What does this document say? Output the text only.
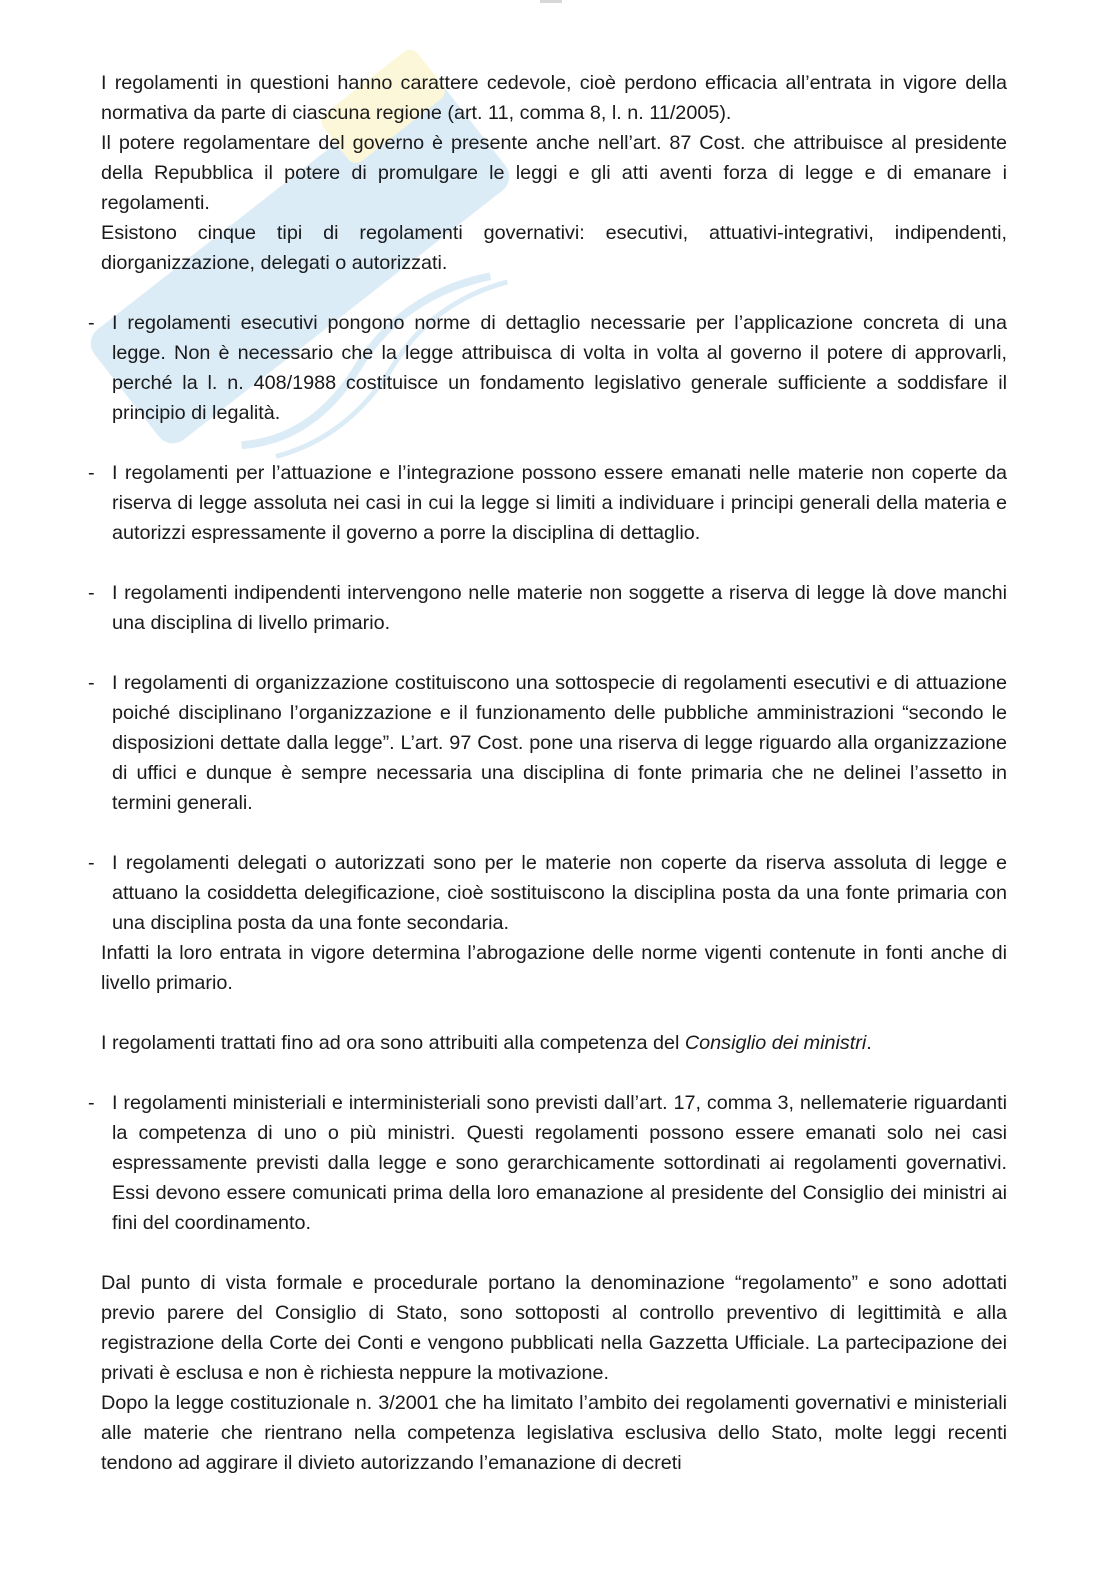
I regolamenti in questioni hanno carattere cedevole, cioè perdono efficacia all’entrata in vigore della normativa da parte di ciascuna regione (art. 11, comma 8, l. n. 11/2005).

Il potere regolamentare del governo è presente anche nell’art. 87 Cost. che attribuisce al presidente della Repubblica il potere di promulgare le leggi e gli atti aventi forza di legge e di emanare i regolamenti.

Esistono cinque tipi di regolamenti governativi: esecutivi, attuativi-integrativi, indipendenti, diorganizzazione, delegati o autorizzati.

- I regolamenti esecutivi pongono norme di dettaglio necessarie per l’applicazione concreta di una legge. Non è necessario che la legge attribuisca di volta in volta al governo il potere di approvarli, perché la l. n. 408/1988 costituisce un fondamento legislativo generale sufficiente a soddisfare il principio di legalità.
- I regolamenti per l’attuazione e l’integrazione possono essere emanati nelle materie non coperte da riserva di legge assoluta nei casi in cui la legge si limiti a individuare i principi generali della materia e autorizzi espressamente il governo a porre la disciplina di dettaglio.
- I regolamenti indipendenti intervengono nelle materie non soggette a riserva di legge là dove manchi una disciplina di livello primario.
- I regolamenti di organizzazione costituiscono una sottospecie di regolamenti esecutivi e di attuazione poiché disciplinano l’organizzazione e il funzionamento delle pubbliche amministrazioni “secondo le disposizioni dettate dalla legge”. L’art. 97 Cost. pone una riserva di legge riguardo alla organizzazione di uffici e dunque è sempre necessaria una disciplina di fonte primaria che ne delinei l’assetto in termini generali.
- I regolamenti delegati o autorizzati sono per le materie non coperte da riserva assoluta di legge e attuano la cosiddetta delegificazione, cioè sostituiscono la disciplina posta da una fonte primaria con una disciplina posta da una fonte secondaria.

Infatti la loro entrata in vigore determina l’abrogazione delle norme vigenti contenute in fonti anche di livello primario.

I regolamenti trattati fino ad ora sono attribuiti alla competenza del Consiglio dei ministri.

- I regolamenti ministeriali e interministeriali sono previsti dall’art. 17, comma 3, nellematerie riguardanti la competenza di uno o più ministri. Questi regolamenti possono essere emanati solo nei casi espressamente previsti dalla legge e sono gerarchicamente sottordinati ai regolamenti governativi. Essi devono essere comunicati prima della loro emanazione al presidente del Consiglio dei ministri ai fini del coordinamento.

Dal punto di vista formale e procedurale portano la denominazione “regolamento” e sono adottati previo parere del Consiglio di Stato, sono sottoposti al controllo preventivo di legittimità e alla registrazione della Corte dei Conti e vengono pubblicati nella Gazzetta Ufficiale. La partecipazione dei privati è esclusa e non è richiesta neppure la motivazione.

Dopo la legge costituzionale n. 3/2001 che ha limitato l’ambito dei regolamenti governativi e ministeriali alle materie che rientrano nella competenza legislativa esclusiva dello Stato, molte leggi recenti tendono ad aggirare il divieto autorizzando l’emanazione di decreti
